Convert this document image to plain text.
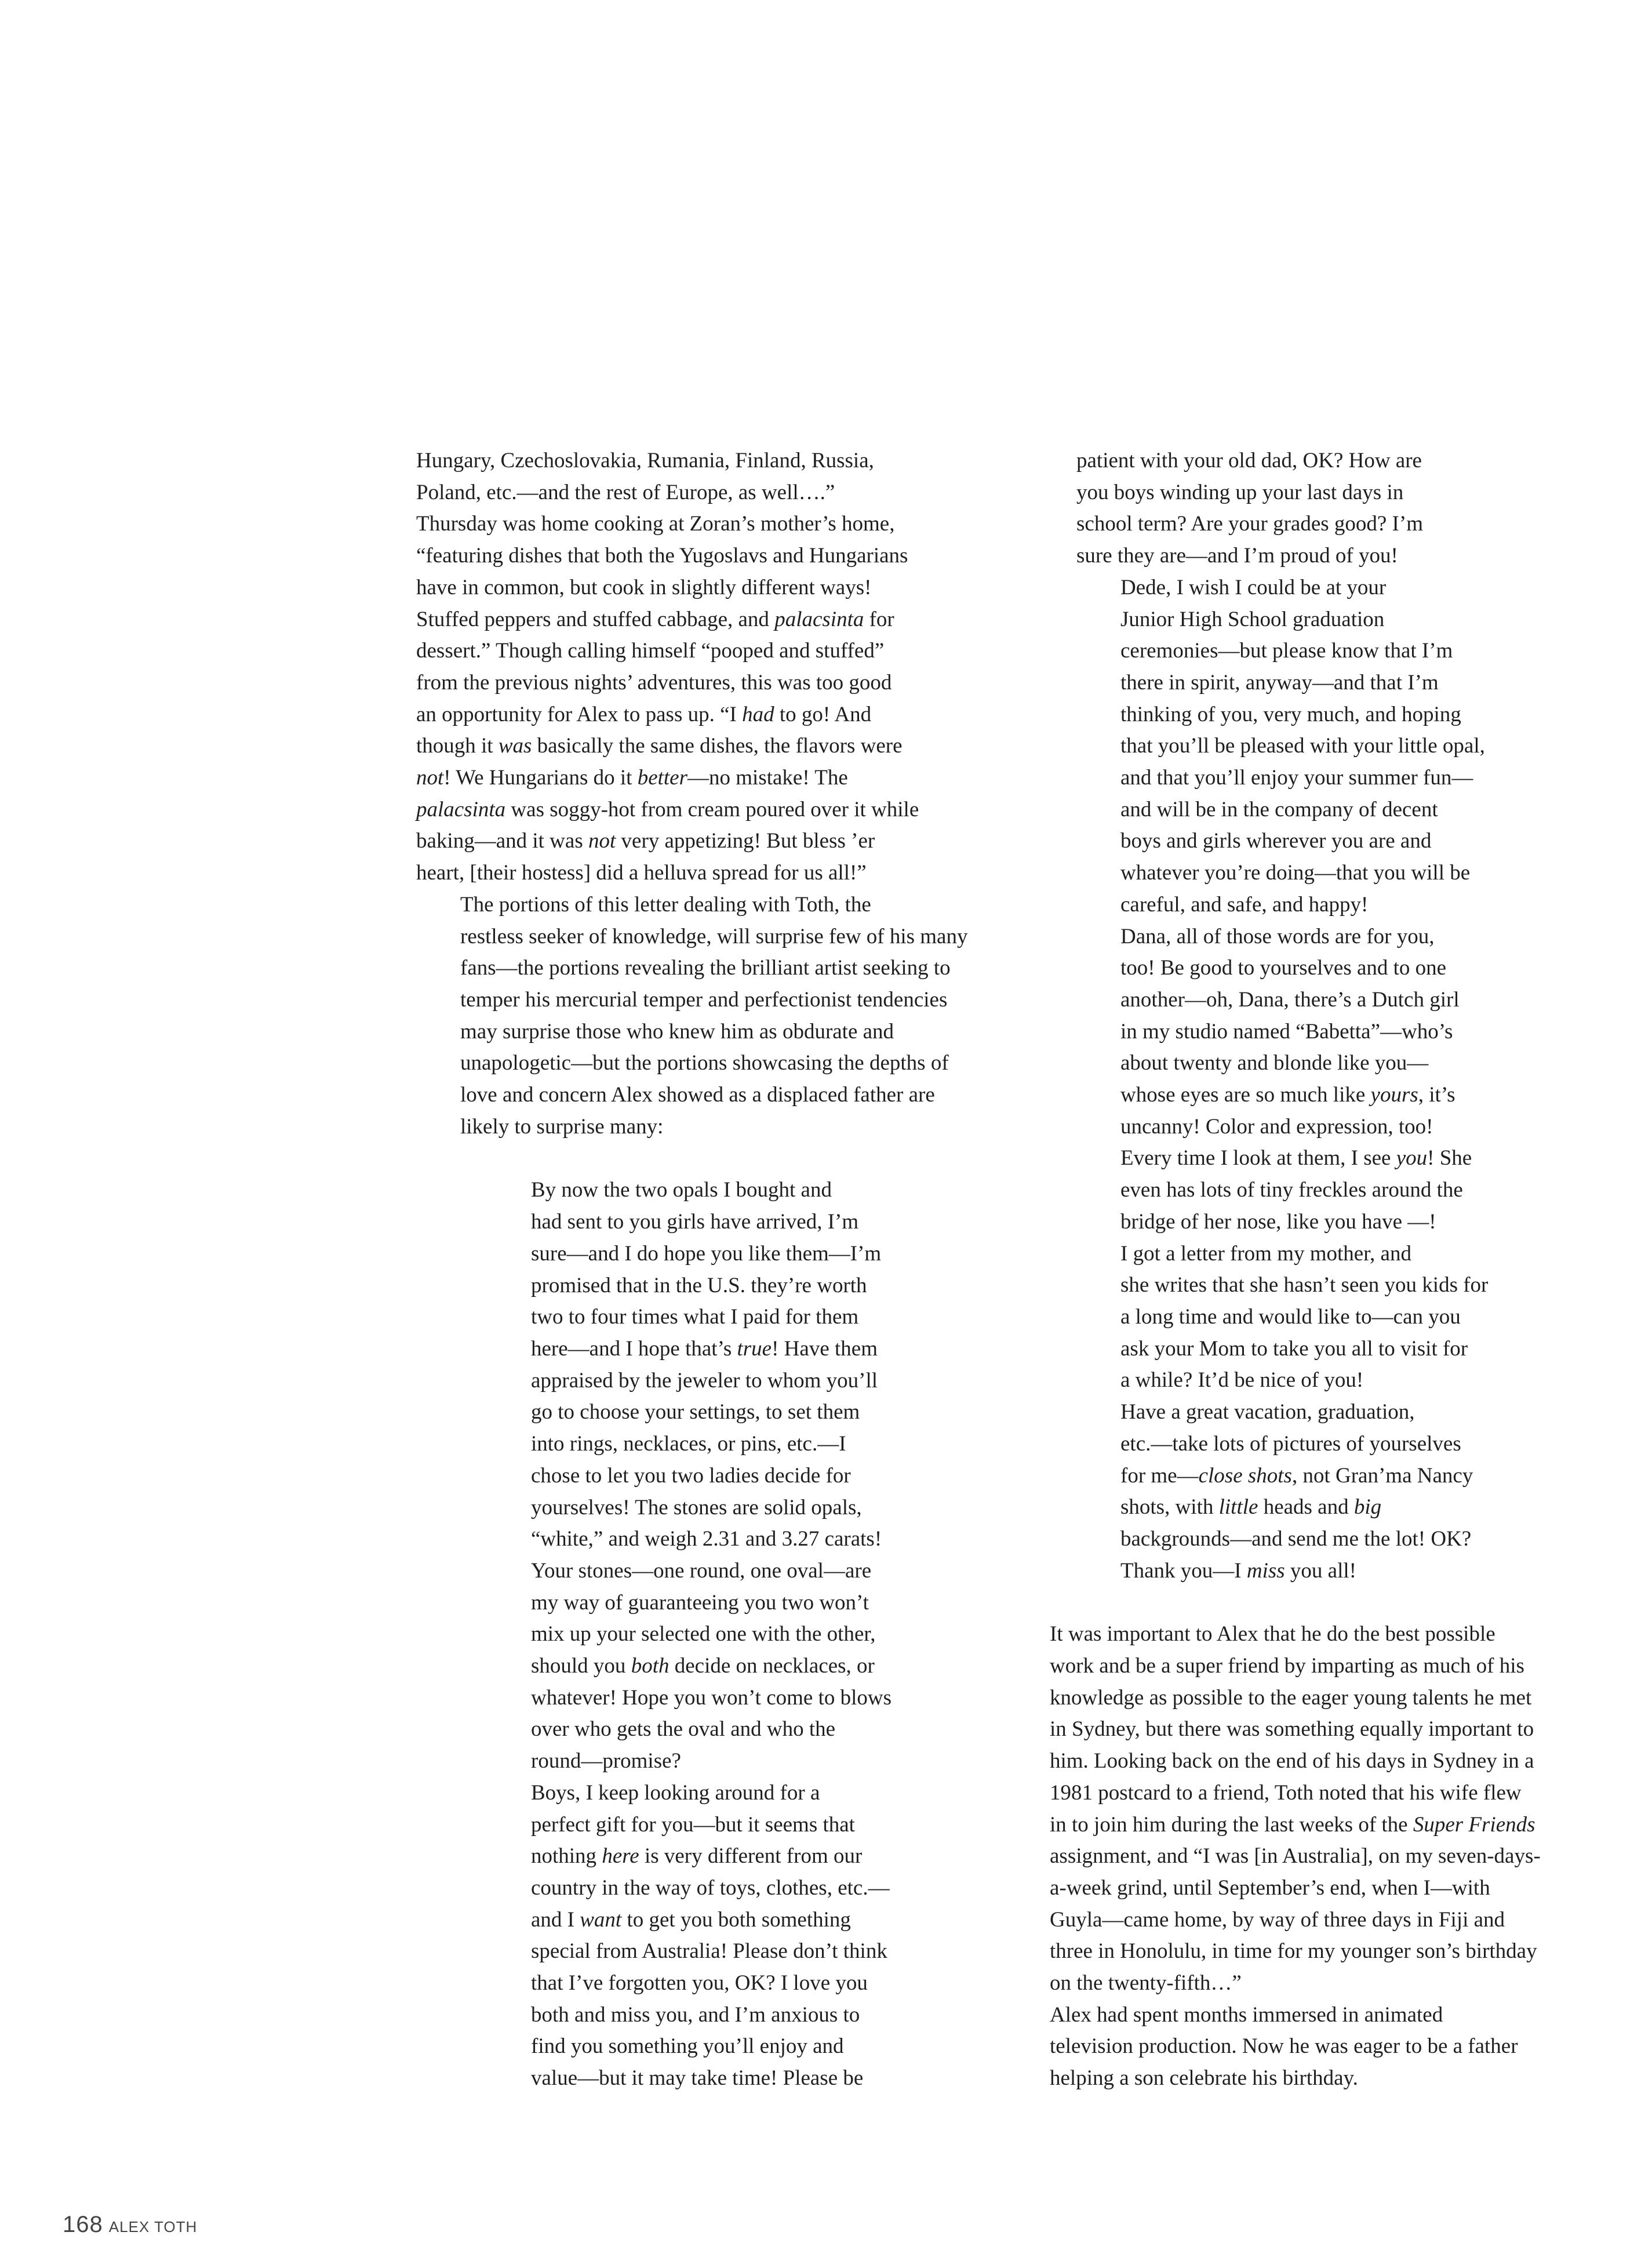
Hungary, Czechoslovakia, Rumania, Finland, Russia,
Poland, etc.—and the rest of Europe, as well….”
Thursday was home cooking at Zoran’s mother’s home,
“featuring dishes that both the Yugoslavs and Hungarians
have in common, but cook in slightly different ways!
Stuffed peppers and stuffed cabbage, and palacsinta for
dessert.” Though calling himself “pooped and stuffed”
from the previous nights’ adventures, this was too good
an opportunity for Alex to pass up. “I had to go! And
though it was basically the same dishes, the flavors were
not! We Hungarians do it better—no mistake! The
palacsinta was soggy-hot from cream poured over it while
baking—and it was not very appetizing! But bless ’er
heart, [their hostess] did a helluva spread for us all!”

The portions of this letter dealing with Toth, the
restless seeker of knowledge, will surprise few of his many
fans—the portions revealing the brilliant artist seeking to
temper his mercurial temper and perfectionist tendencies
may surprise those who knew him as obdurate and
unapologetic—but the portions showcasing the depths of
love and concern Alex showed as a displaced father are
likely to surprise many:

By now the two opals I bought and
had sent to you girls have arrived, I’m
sure—and I do hope you like them—I’m
promised that in the U.S. they’re worth
two to four times what I paid for them
here—and I hope that’s true! Have them
appraised by the jeweler to whom you’ll
go to choose your settings, to set them
into rings, necklaces, or pins, etc.—I
chose to let you two ladies decide for
yourselves! The stones are solid opals,
“white,” and weigh 2.31 and 3.27 carats!
Your stones—one round, one oval—are
my way of guaranteeing you two won’t
mix up your selected one with the other,
should you both decide on necklaces, or
whatever! Hope you won’t come to blows
over who gets the oval and who the
round—promise?

Boys, I keep looking around for a
perfect gift for you—but it seems that
nothing here is very different from our
country in the way of toys, clothes, etc.—
and I want to get you both something
special from Australia! Please don’t think
that I’ve forgotten you, OK? I love you
both and miss you, and I’m anxious to
find you something you’ll enjoy and
value—but it may take time! Please be

patient with your old dad, OK? How are
you boys winding up your last days in
school term? Are your grades good? I’m
sure they are—and I’m proud of you!

Dede, I wish I could be at your
Junior High School graduation
ceremonies—but please know that I’m
there in spirit, anyway—and that I’m
thinking of you, very much, and hoping
that you’ll be pleased with your little opal,
and that you’ll enjoy your summer fun—
and will be in the company of decent
boys and girls wherever you are and
whatever you’re doing—that you will be
careful, and safe, and happy!

Dana, all of those words are for you,
too! Be good to yourselves and to one
another—oh, Dana, there’s a Dutch girl
in my studio named “Babetta”—who’s
about twenty and blonde like you—
whose eyes are so much like yours, it’s
uncanny! Color and expression, too!
Every time I look at them, I see you! She
even has lots of tiny freckles around the
bridge of her nose, like you have —!

I got a letter from my mother, and
she writes that she hasn’t seen you kids for
a long time and would like to—can you
ask your Mom to take you all to visit for
a while? It’d be nice of you!

Have a great vacation, graduation,
etc.—take lots of pictures of yourselves
for me—close shots, not Gran’ma Nancy
shots, with little heads and big
backgrounds—and send me the lot! OK?

Thank you—I miss you all!

It was important to Alex that he do the best possible
work and be a super friend by imparting as much of his
knowledge as possible to the eager young talents he met
in Sydney, but there was something equally important to
him. Looking back on the end of his days in Sydney in a
1981 postcard to a friend, Toth noted that his wife flew
in to join him during the last weeks of the Super Friends
assignment, and “I was [in Australia], on my seven-days-
a-week grind, until September’s end, when I—with
Guyla—came home, by way of three days in Fiji and
three in Honolulu, in time for my younger son’s birthday
on the twenty-fifth…”

Alex had spent months immersed in animated
television production. Now he was eager to be a father
helping a son celebrate his birthday.

168 ALEX TOTH
